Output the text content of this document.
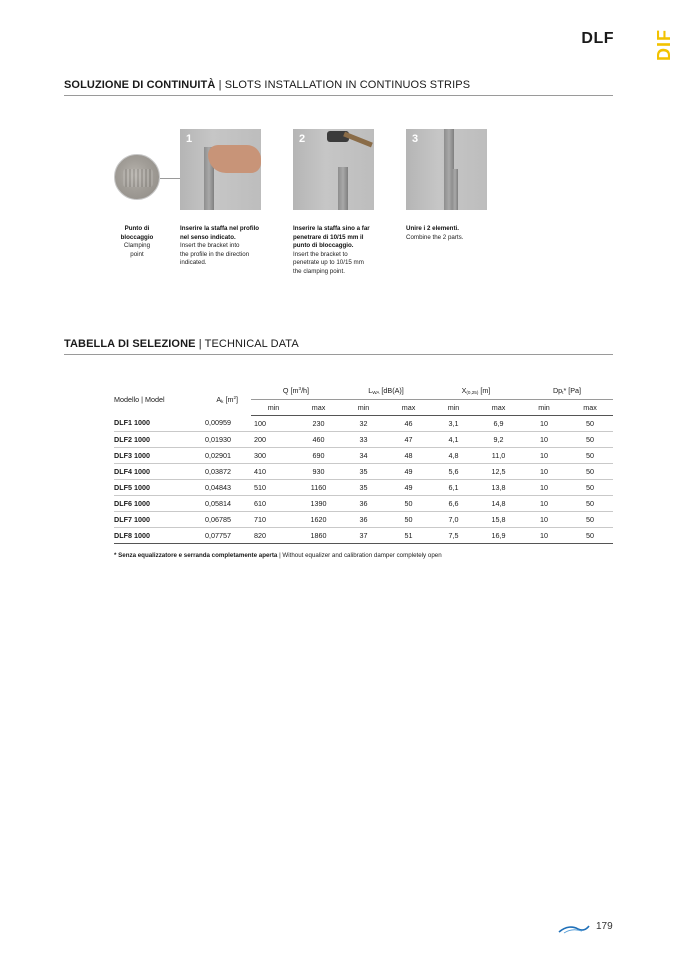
DLF DIF
SOLUZIONE DI CONTINUITÀ | SLOTS INSTALLATION IN CONTINUOS STRIPS
Punto di
bloccaggio
Clamping
point
1	2	3
Inserire la staffa nel profilo
nel senso indicato.
Insert the bracket into
the profile in the direction
indicated.
Inserire la staffa sino a far
penetrare di 10/15 mm il
punto di bloccaggio.
Insert the bracket to
penetrate up to 10/15 mm
the clamping point.
Unire i 2 elementi.
Combine the 2 parts.
TABELLA DI SELEZIONE | TECHNICAL DATA
Modello | Model	$A_k$ $[m^2]$	Q $[m^3/h]$		$L_{WA}$ [dB(A)]		$X_{(0,25)}$ [m]		$Dp_t*$ [Pa]	
		min	max	min	max	min	max	min	max
DLF1 1000	0,00959	100	230	32	46	3,1	6,9	10	50
DLF2 1000	0,01930	200	460	33	47	4,1	9,2	10	50
DLF3 1000	0,02901	300	690	34	48	4,8	11,0	10	50
DLF4 1000	0,03872	410	930	35	49	5,6	12,5	10	50
DLF5 1000	0,04843	510	1160	35	49	6,1	13,8	10	50
DLF6 1000	0,05814	610	1390	36	50	6,6	14,8	10	50
DLF7 1000	0,06785	710	1620	36	50	7,0	15,8	10	50
DLF8 1000	0,07757	820	1860	37	51	7,5	16,9	10	50
* Senza equalizzatore e serranda completamente aperta | Without equalizer and calibration damper completely open
179
